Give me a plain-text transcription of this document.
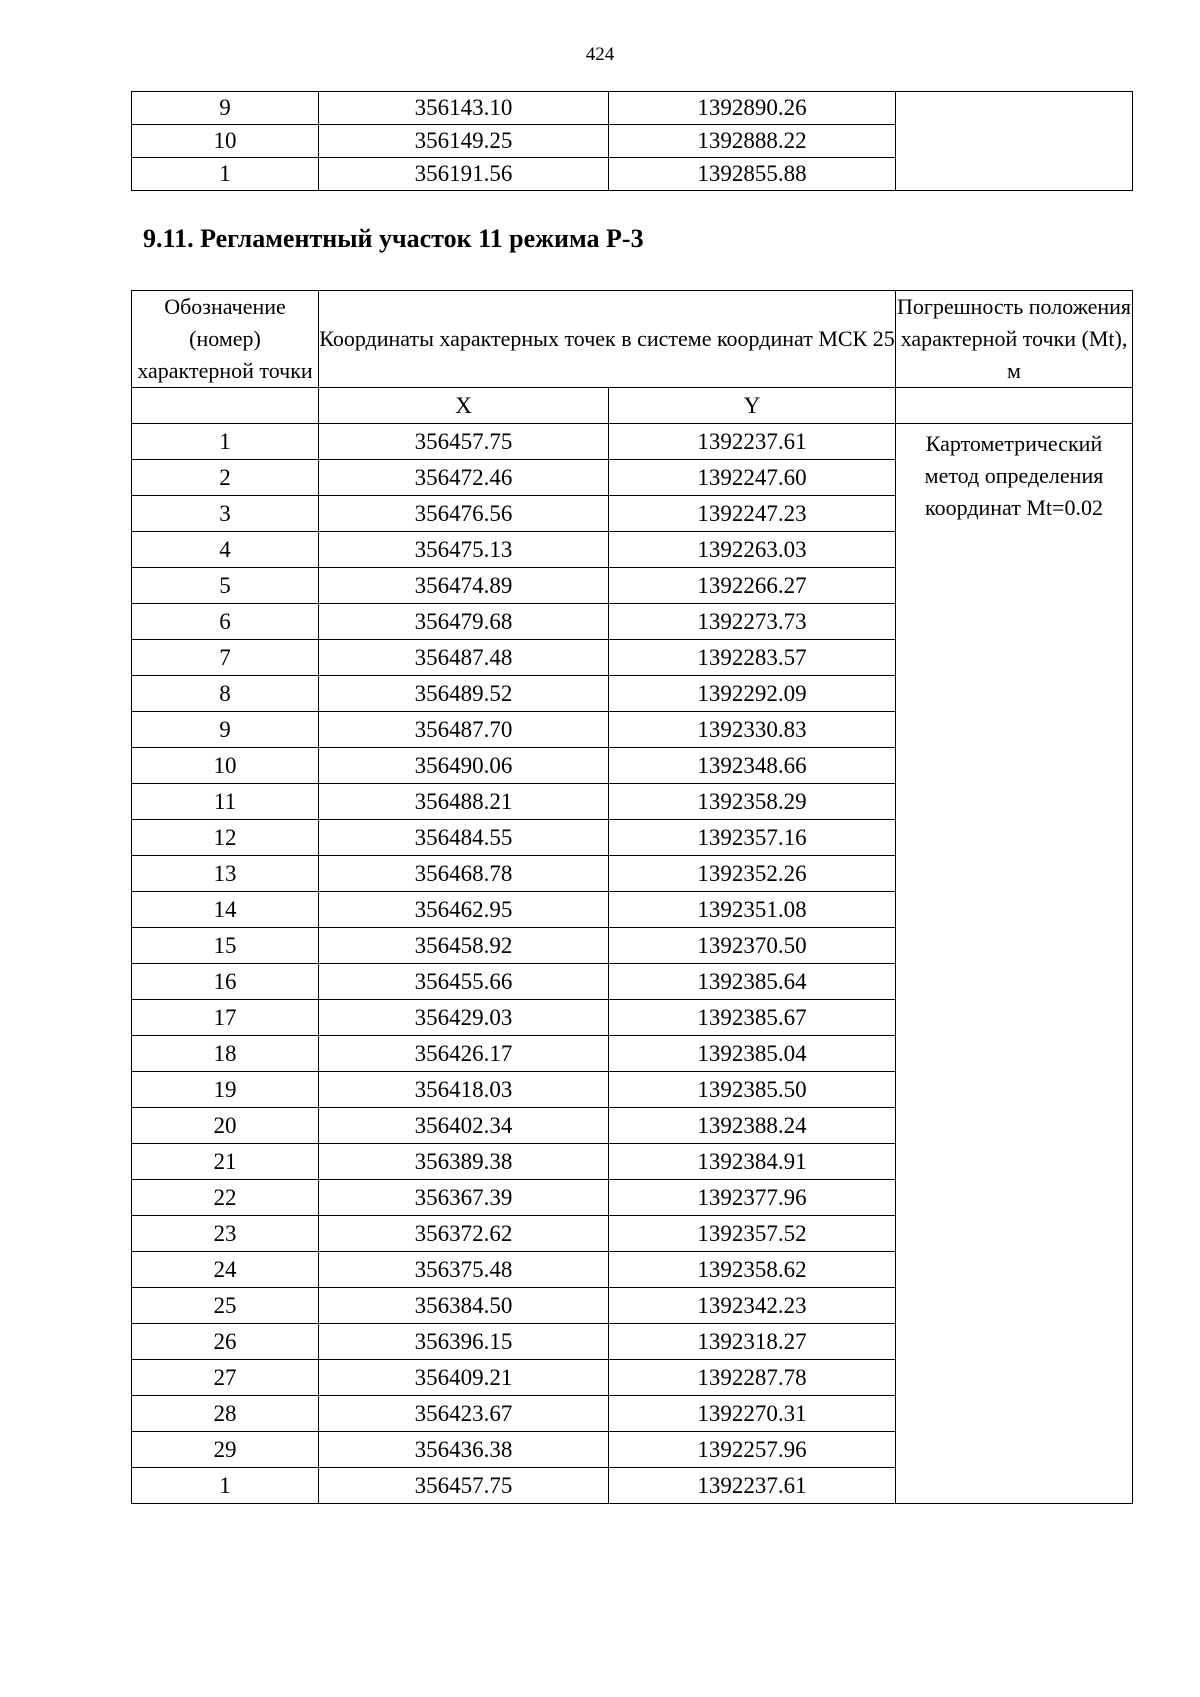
424
9	356143.10	1392890.26	
10	356149.25	1392888.22	
1	356191.56	1392855.88	
9.11. Регламентный участок 11 режима Р-3
Обозначение (номер) характерной точки	Координаты характерных точек в системе координат МСК 25		Погрешность положения характерной точки (Mt), м
	X	Y	
1	356457.75	1392237.61	Картометрический метод определения координат Mt=0.02
2	356472.46	1392247.60	
3	356476.56	1392247.23	
4	356475.13	1392263.03	
5	356474.89	1392266.27	
6	356479.68	1392273.73	
7	356487.48	1392283.57	
8	356489.52	1392292.09	
9	356487.70	1392330.83	
10	356490.06	1392348.66	
11	356488.21	1392358.29	
12	356484.55	1392357.16	
13	356468.78	1392352.26	
14	356462.95	1392351.08	
15	356458.92	1392370.50	
16	356455.66	1392385.64	
17	356429.03	1392385.67	
18	356426.17	1392385.04	
19	356418.03	1392385.50	
20	356402.34	1392388.24	
21	356389.38	1392384.91	
22	356367.39	1392377.96	
23	356372.62	1392357.52	
24	356375.48	1392358.62	
25	356384.50	1392342.23	
26	356396.15	1392318.27	
27	356409.21	1392287.78	
28	356423.67	1392270.31	
29	356436.38	1392257.96	
1	356457.75	1392237.61	
